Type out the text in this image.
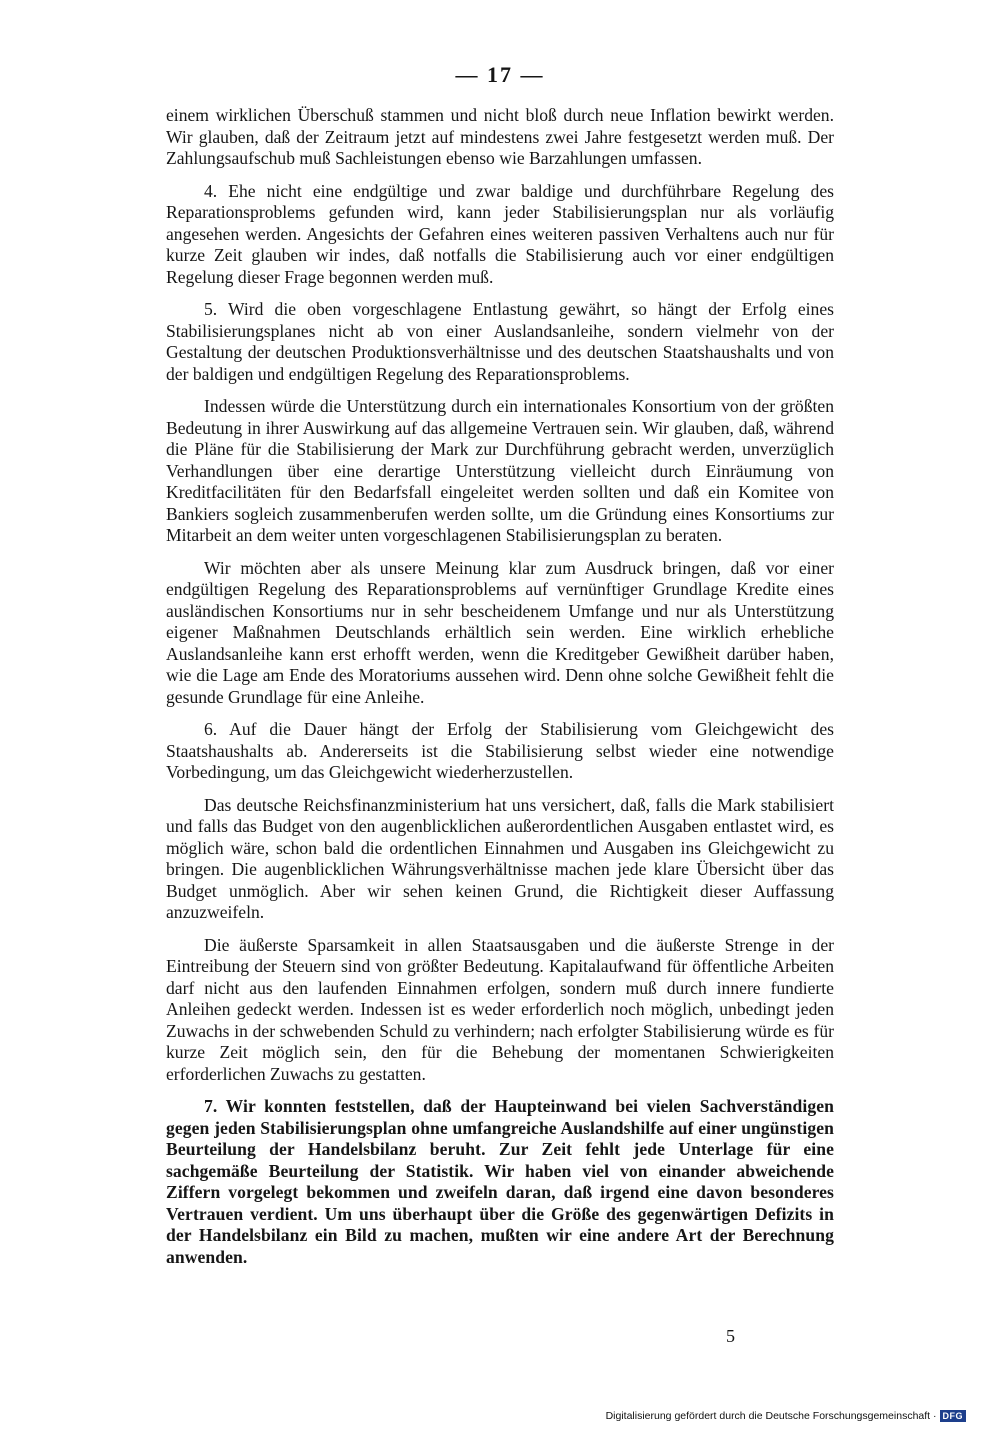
— 17 —

einem wirklichen Überschuß stammen und nicht bloß durch neue Inflation bewirkt werden. Wir glauben, daß der Zeitraum jetzt auf mindestens zwei Jahre festgesetzt werden muß. Der Zahlungsaufschub muß Sachleistungen ebenso wie Barzahlungen umfassen.

4. Ehe nicht eine endgültige und zwar baldige und durchführbare Regelung des Reparationsproblems gefunden wird, kann jeder Stabilisierungsplan nur als vorläufig angesehen werden. Angesichts der Gefahren eines weiteren passiven Verhaltens auch nur für kurze Zeit glauben wir indes, daß notfalls die Stabilisierung auch vor einer endgültigen Regelung dieser Frage begonnen werden muß.

5. Wird die oben vorgeschlagene Entlastung gewährt, so hängt der Erfolg eines Stabilisierungsplanes nicht ab von einer Auslandsanleihe, sondern vielmehr von der Gestaltung der deutschen Produktionsverhältnisse und des deutschen Staatshaushalts und von der baldigen und endgültigen Regelung des Reparationsproblems.

Indessen würde die Unterstützung durch ein internationales Konsortium von der größten Bedeutung in ihrer Auswirkung auf das allgemeine Vertrauen sein. Wir glauben, daß, während die Pläne für die Stabilisierung der Mark zur Durchführung gebracht werden, unverzüglich Verhandlungen über eine derartige Unterstützung vielleicht durch Einräumung von Kreditfacilitäten für den Bedarfsfall eingeleitet werden sollten und daß ein Komitee von Bankiers sogleich zusammenberufen werden sollte, um die Gründung eines Konsortiums zur Mitarbeit an dem weiter unten vorgeschlagenen Stabilisierungsplan zu beraten.

Wir möchten aber als unsere Meinung klar zum Ausdruck bringen, daß vor einer endgültigen Regelung des Reparationsproblems auf vernünftiger Grundlage Kredite eines ausländischen Konsortiums nur in sehr bescheidenem Umfange und nur als Unterstützung eigener Maßnahmen Deutschlands erhältlich sein werden. Eine wirklich erhebliche Auslandsanleihe kann erst erhofft werden, wenn die Kreditgeber Gewißheit darüber haben, wie die Lage am Ende des Moratoriums aussehen wird. Denn ohne solche Gewißheit fehlt die gesunde Grundlage für eine Anleihe.

6. Auf die Dauer hängt der Erfolg der Stabilisierung vom Gleichgewicht des Staatshaushalts ab. Andererseits ist die Stabilisierung selbst wieder eine notwendige Vorbedingung, um das Gleichgewicht wiederherzustellen.

Das deutsche Reichsfinanzministerium hat uns versichert, daß, falls die Mark stabilisiert und falls das Budget von den augenblicklichen außerordentlichen Ausgaben entlastet wird, es möglich wäre, schon bald die ordentlichen Einnahmen und Ausgaben ins Gleichgewicht zu bringen. Die augenblicklichen Währungsverhältnisse machen jede klare Übersicht über das Budget unmöglich. Aber wir sehen keinen Grund, die Richtigkeit dieser Auffassung anzuzweifeln.

Die äußerste Sparsamkeit in allen Staatsausgaben und die äußerste Strenge in der Eintreibung der Steuern sind von größter Bedeutung. Kapitalaufwand für öffentliche Arbeiten darf nicht aus den laufenden Einnahmen erfolgen, sondern muß durch innere fundierte Anleihen gedeckt werden. Indessen ist es weder erforderlich noch möglich, unbedingt jeden Zuwachs in der schwebenden Schuld zu verhindern; nach erfolgter Stabilisierung würde es für kurze Zeit möglich sein, den für die Behebung der momentanen Schwierigkeiten erforderlichen Zuwachs zu gestatten.

7. Wir konnten feststellen, daß der Haupteinwand bei vielen Sachverständigen gegen jeden Stabilisierungsplan ohne umfangreiche Auslandshilfe auf einer ungünstigen Beurteilung der Handelsbilanz beruht. Zur Zeit fehlt jede Unterlage für eine sachgemäße Beurteilung der Statistik. Wir haben viel von einander abweichende Ziffern vorgelegt bekommen und zweifeln daran, daß irgend eine davon besonderes Vertrauen verdient. Um uns überhaupt über die Größe des gegenwärtigen Defizits in der Handelsbilanz ein Bild zu machen, mußten wir eine andere Art der Berechnung anwenden.

5
Digitalisierung gefördert durch die Deutsche Forschungsgemeinschaft · DFG
